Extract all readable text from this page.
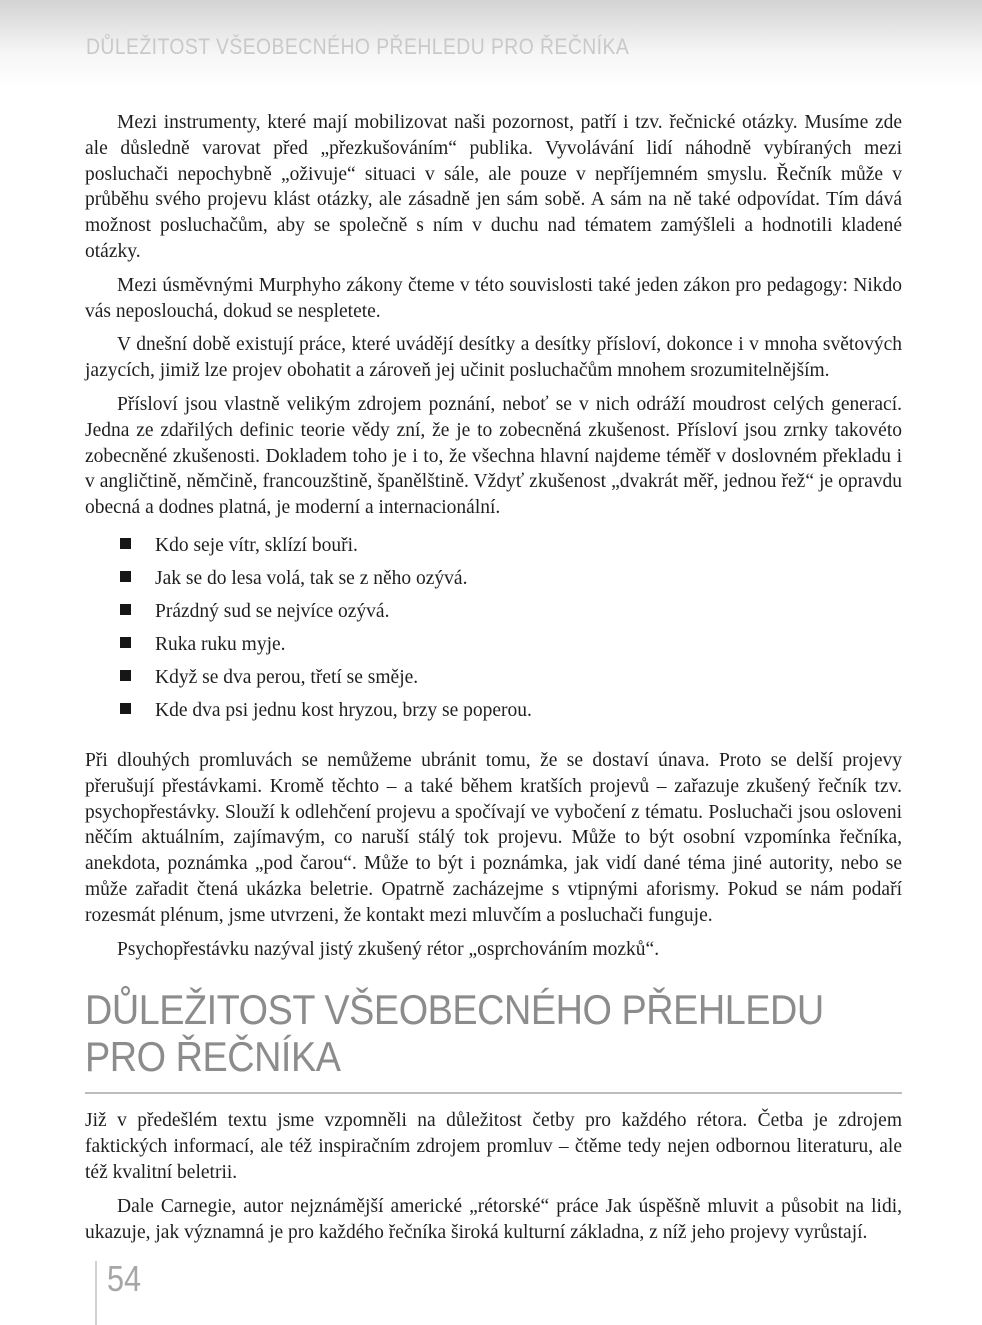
DŮLEŽITOST VŠEOBECNÉHO PŘEHLEDU PRO ŘEČNÍKA

Mezi instrumenty, které mají mobilizovat naši pozornost, patří i tzv. řečnické otázky. Musíme zde ale důsledně varovat před „přezkušováním“ publika. Vyvolávání lidí náhodně vybíraných mezi posluchači nepochybně „oživuje“ situaci v sále, ale pouze v nepříjemném smyslu. Řečník může v průběhu svého projevu klást otázky, ale zásadně jen sám sobě. A sám na ně také odpovídat. Tím dává možnost posluchačům, aby se společně s ním v duchu nad tématem zamýšleli a hodnotili kladené otázky.

Mezi úsměvnými Murphyho zákony čteme v této souvislosti také jeden zákon pro pedagogy: Nikdo vás neposlouchá, dokud se nespletete.

V dnešní době existují práce, které uvádějí desítky a desítky přísloví, dokonce i v mnoha světových jazycích, jimiž lze projev obohatit a zároveň jej učinit posluchačům mnohem srozumitelnějším.

Přísloví jsou vlastně velikým zdrojem poznání, neboť se v nich odráží moudrost celých generací. Jedna ze zdařilých definic teorie vědy zní, že je to zobecněná zkušenost. Přísloví jsou zrnky takovéto zobecněné zkušenosti. Dokladem toho je i to, že všechna hlavní najdeme téměř v doslovném překladu i v angličtině, němčině, francouzštině, španělštině. Vždyť zkušenost „dvakrát měř, jednou řež“ je opravdu obecná a dodnes platná, je moderní a internacionální.

Kdo seje vítr, sklízí bouři.
Jak se do lesa volá, tak se z něho ozývá.
Prázdný sud se nejvíce ozývá.
Ruka ruku myje.
Když se dva perou, třetí se směje.
Kde dva psi jednu kost hryzou, brzy se poperou.

Při dlouhých promluvách se nemůžeme ubránit tomu, že se dostaví únava. Proto se delší projevy přerušují přestávkami. Kromě těchto – a také během kratších projevů – zařazuje zkušený řečník tzv. psychopřestávky. Slouží k odlehčení projevu a spočívají ve vybočení z tématu. Posluchači jsou osloveni něčím aktuálním, zajímavým, co naruší stálý tok projevu. Může to být osobní vzpomínka řečníka, anekdota, poznámka „pod čarou“. Může to být i poznámka, jak vidí dané téma jiné autority, nebo se může zařadit čtená ukázka beletrie. Opatrně zacházejme s vtipnými aforismy. Pokud se nám podaří rozesmát plénum, jsme utvrzeni, že kontakt mezi mluvčím a posluchači funguje.

Psychopřestávku nazýval jistý zkušený rétor „osprchováním mozků“.

DŮLEŽITOST VŠEOBECNÉHO PŘEHLEDU
PRO ŘEČNÍKA

Již v předešlém textu jsme vzpomněli na důležitost četby pro každého rétora. Četba je zdrojem faktických informací, ale též inspiračním zdrojem promluv – čtěme tedy nejen odbornou literaturu, ale též kvalitní beletrii.

Dale Carnegie, autor nejznámější americké „rétorské“ práce Jak úspěšně mluvit a působit na lidi, ukazuje, jak významná je pro každého řečníka široká kulturní základna, z níž jeho projevy vyrůstají.

54
